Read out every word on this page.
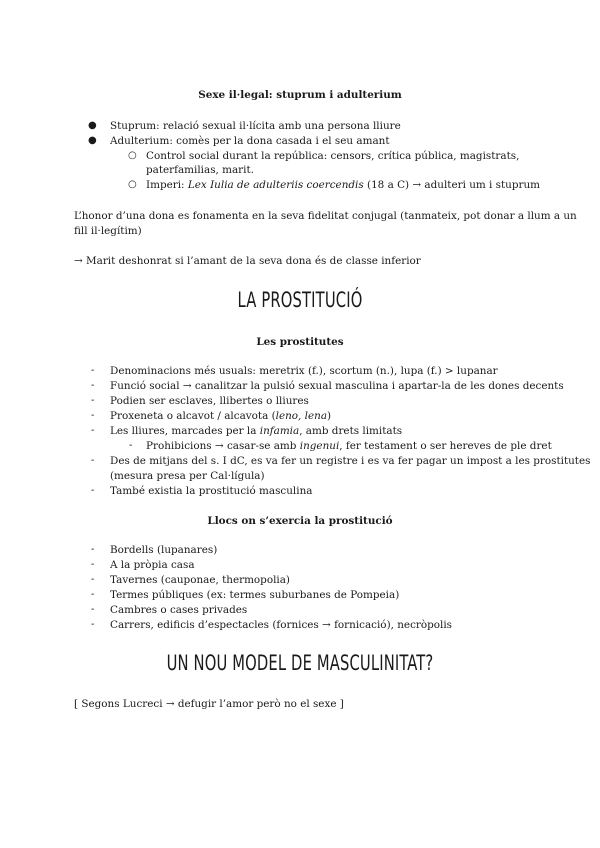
Sexe il·legal: stuprum i adulterium
● Stuprum: relació sexual il·lícita amb una persona lliure
● Adulterium: comès per la dona casada i el seu amant
○ Control social durant la república: censors, crítica pública, magistrats,
paterfamilias, marit.
○ Imperi: Lex Iulia de adulteriis coercendis (18 a C) → adulteri um i stuprum
L’honor d’una dona es fonamenta en la seva fidelitat conjugal (tanmateix, pot donar a llum a un
fill il·legítim)
→ Marit deshonrat si l’amant de la seva dona és de classe inferior
LA PROSTITUCIÓ
Les prostitutes
- Denominacions més usuals: meretrix (f.), scortum (n.), lupa (f.) > lupanar
- Funció social → canalitzar la pulsió sexual masculina i apartar-la de les dones decents
- Podien ser esclaves, llibertes o lliures
- Proxeneta o alcavot / alcavota (leno, lena)
- Les lliures, marcades per la infamia, amb drets limitats
- Prohibicions → casar-se amb ingenui, fer testament o ser hereves de ple dret
- Des de mitjans del s. I dC, es va fer un registre i es va fer pagar un impost a les prostitutes
(mesura presa per Cal·lígula)
- També existia la prostitució masculina
Llocs on s’exercia la prostitució
- Bordells (lupanares)
- A la pròpia casa
- Tavernes (cauponae, thermopolia)
- Termes públiques (ex: termes suburbanes de Pompeia)
- Cambres o cases privades
- Carrers, edificis d’espectacles (fornices → fornicació), necròpolis
UN NOU MODEL DE MASCULINITAT?
[ Segons Lucreci → defugir l’amor però no el sexe ]
